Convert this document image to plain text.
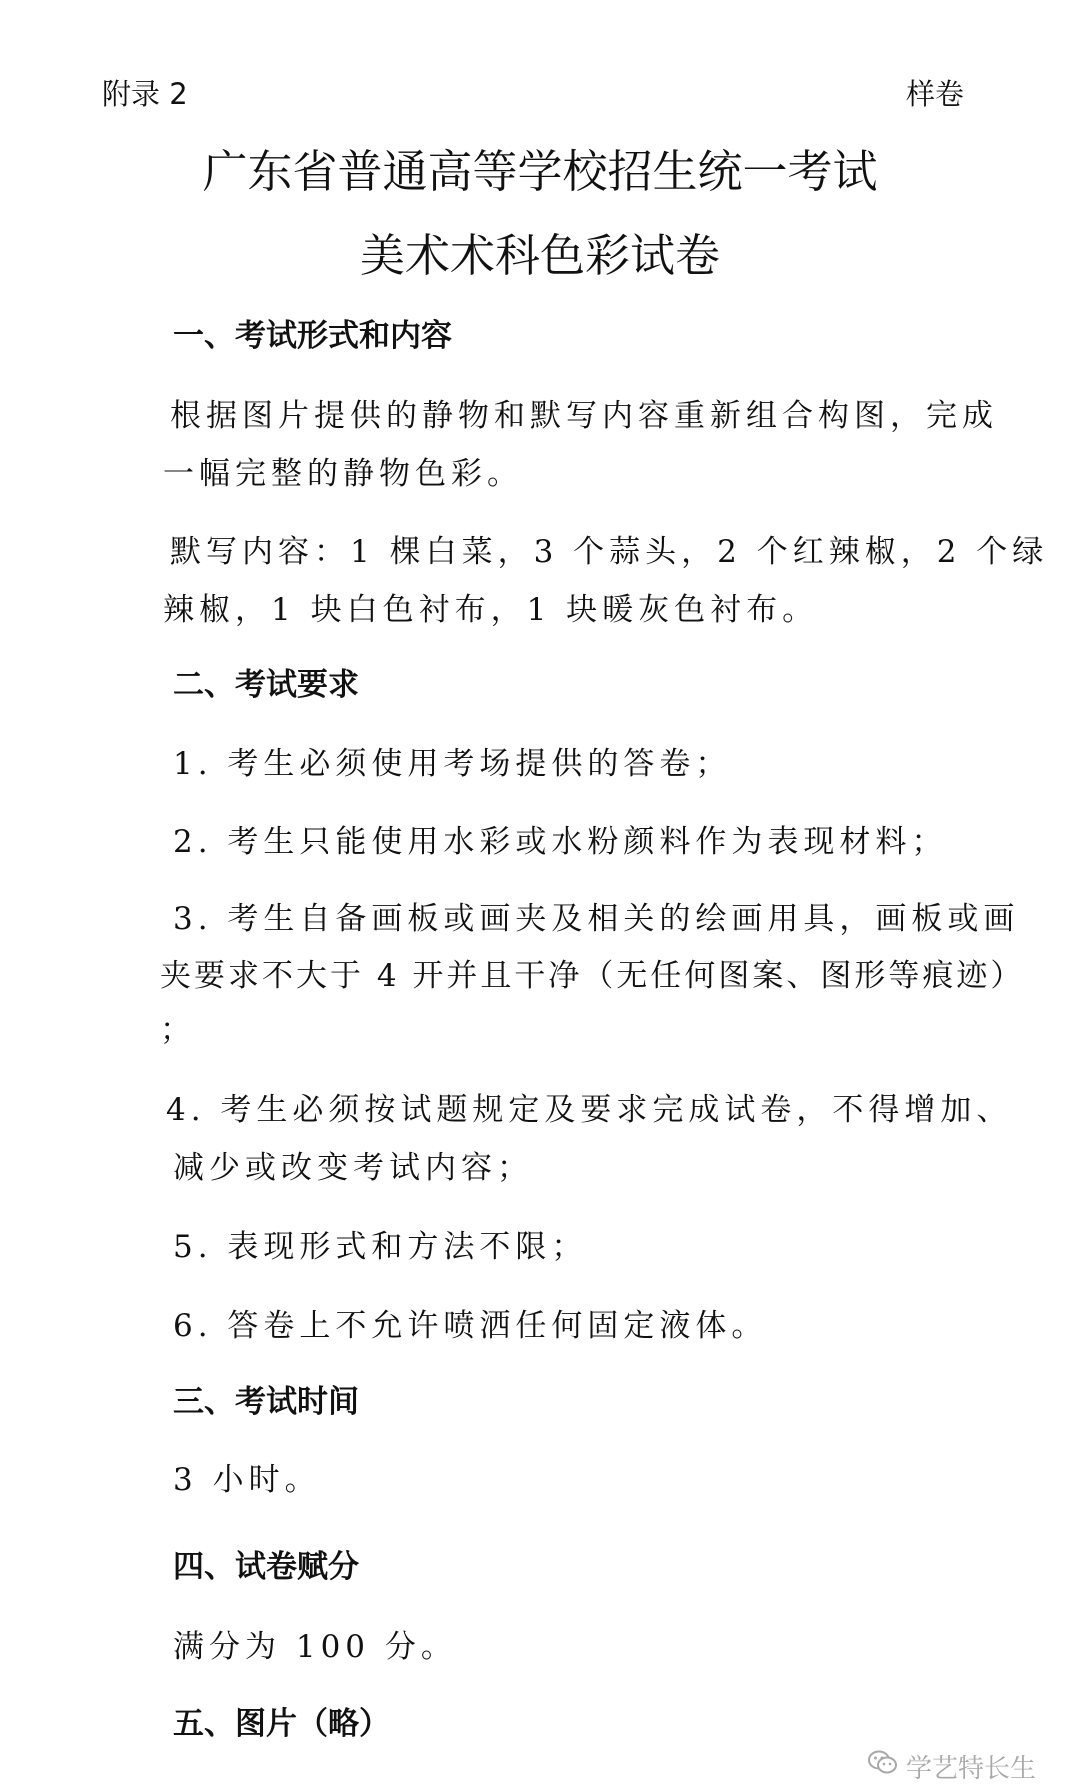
附录 2	样卷
广东省普通高等学校招生统一考试
美术术科色彩试卷
一、考试形式和内容
根据图片提供的静物和默写内容重新组合构图，完成
一幅完整的静物色彩。
默写内容：1 棵白菜，3 个蒜头，2 个红辣椒，2 个绿
辣椒，1 块白色衬布，1 块暖灰色衬布。
二、考试要求
1. 考生必须使用考场提供的答卷；
2. 考生只能使用水彩或水粉颜料作为表现材料；
3. 考生自备画板或画夹及相关的绘画用具，画板或画
夹要求不大于 4 开并且干净（无任何图案、图形等痕迹）
；
4. 考生必须按试题规定及要求完成试卷，不得增加、
减少或改变考试内容；
5. 表现形式和方法不限；
6. 答卷上不允许喷洒任何固定液体。
三、考试时间
3 小时。
四、试卷赋分
满分为 100 分。
五、图片（略）
学艺特长生
